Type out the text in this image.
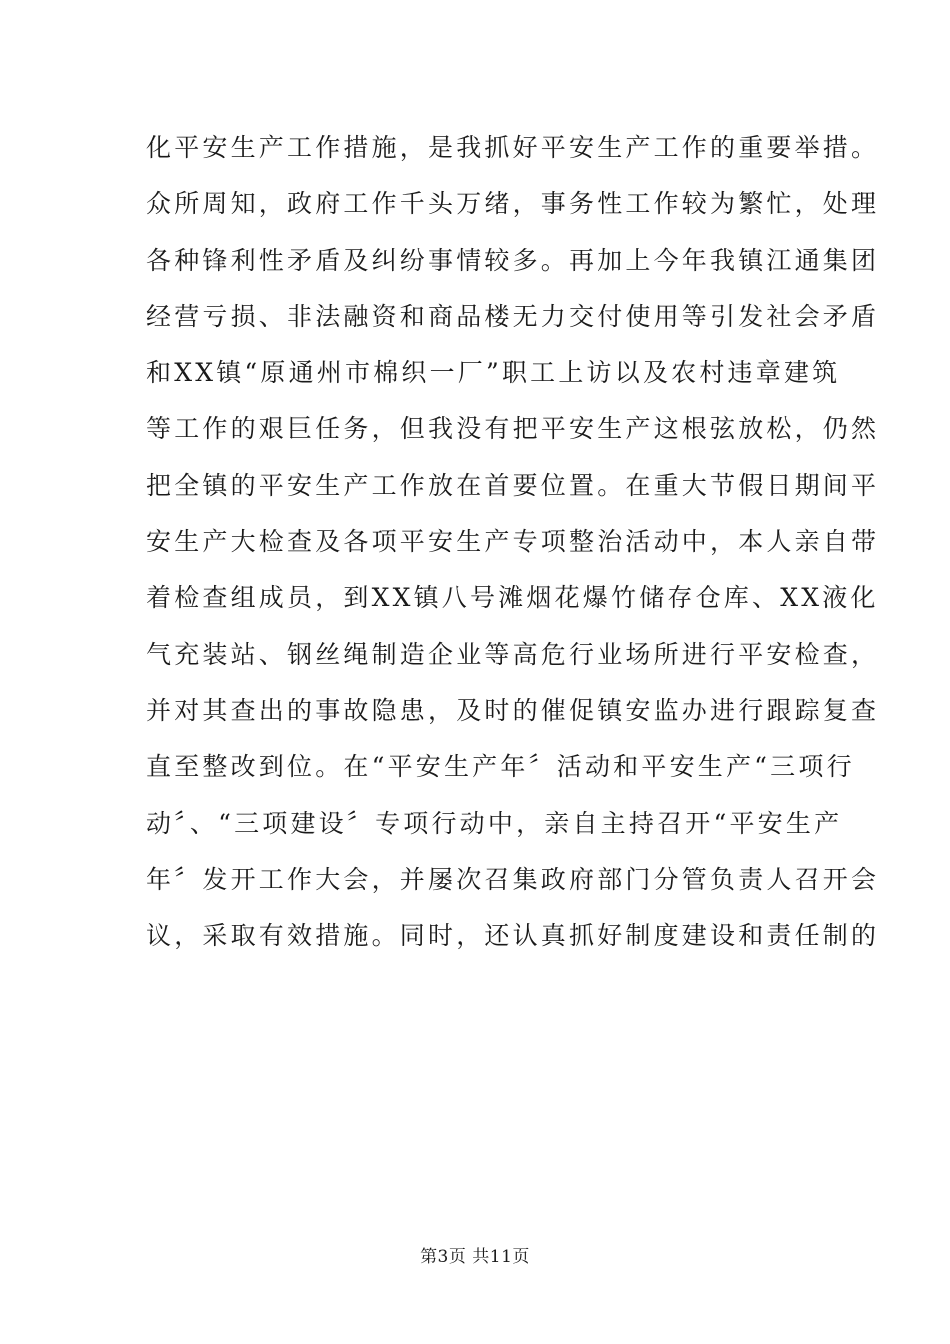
化平安生产工作措施，是我抓好平安生产工作的重要举措。
众所周知，政府工作千头万绪，事务性工作较为繁忙，处理
各种锋利性矛盾及纠纷事情较多。再加上今年我镇江通集团
经营亏损、非法融资和商品楼无力交付使用等引发社会矛盾
和XX镇“原通州市棉织一厂”职工上访以及农村违章建筑
等工作的艰巨任务，但我没有把平安生产这根弦放松，仍然
把全镇的平安生产工作放在首要位置。在重大节假日期间平
安生产大检查及各项平安生产专项整治活动中，本人亲自带
着检查组成员，到XX镇八号滩烟花爆竹储存仓库、XX液化
气充装站、钢丝绳制造企业等高危行业场所进行平安检查，
并对其查出的事故隐患，及时的催促镇安监办进行跟踪复查
直至整改到位。在“平安生产年〞活动和平安生产“三项行
动〞、“三项建设〞专项行动中，亲自主持召开“平安生产
年〞发开工作大会，并屡次召集政府部门分管负责人召开会
议，采取有效措施。同时，还认真抓好制度建设和责任制的
第3页 共11页
